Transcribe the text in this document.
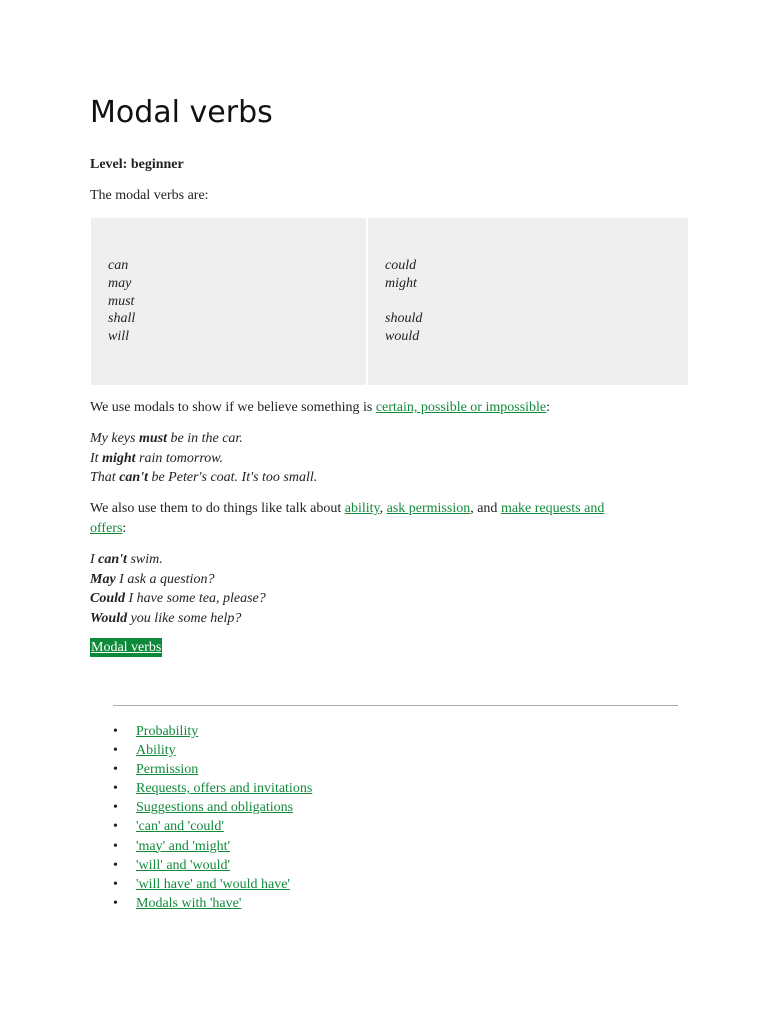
Modal verbs
Level: beginner
The modal verbs are:
can
may
must
shall
will
could
might
should
would
We use modals to show if we believe something is certain, possible or impossible:
My keys must be in the car.
It might rain tomorrow.
That can't be Peter's coat. It's too small.
We also use them to do things like talk about ability, ask permission, and make requests and
offers:
I can't swim.
May I ask a question?
Could I have some tea, please?
Would you like some help?
Modal verbs
• Probability
• Ability
• Permission
• Requests, offers and invitations
• Suggestions and obligations
• 'can' and 'could'
• 'may' and 'might'
• 'will' and 'would'
• 'will have' and 'would have'
• Modals with 'have'
